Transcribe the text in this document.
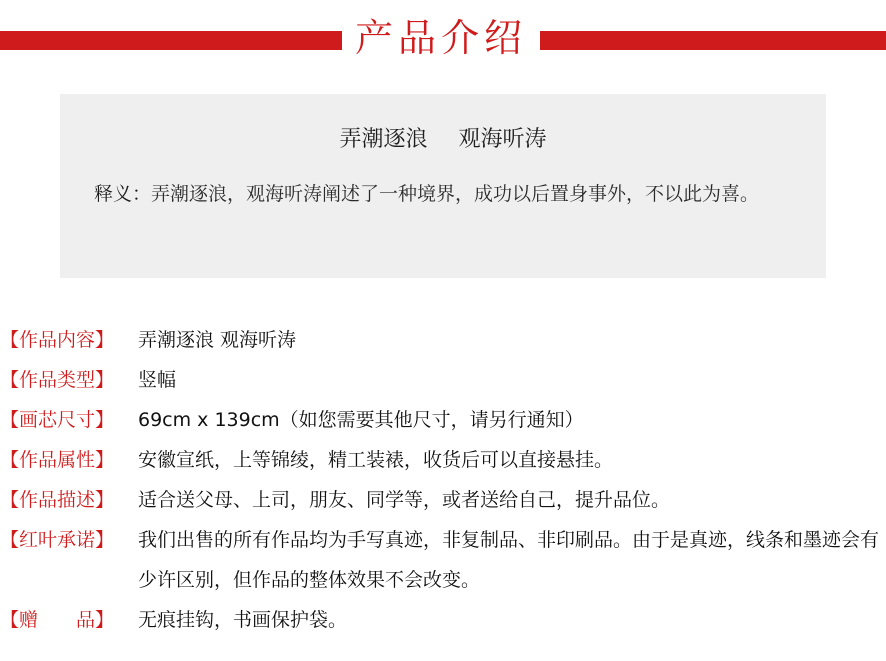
产品介绍
弄潮逐浪 观海听涛
释义：弄潮逐浪，观海听涛阐述了一种境界，成功以后置身事外，不以此为喜。
【作品内容】 弄潮逐浪 观海听涛
【作品类型】 竖幅
【画芯尺寸】 69cm x 139cm（如您需要其他尺寸，请另行通知）
【作品属性】 安徽宣纸，上等锦绫，精工装裱，收货后可以直接悬挂。
【作品描述】 适合送父母、上司，朋友、同学等，或者送给自己，提升品位。
【红叶承诺】 我们出售的所有作品均为手写真迹，非复制品、非印刷品。由于是真迹，线条和墨迹会有少许区别，但作品的整体效果不会改变。
【赠　　品】 无痕挂钩，书画保护袋。
